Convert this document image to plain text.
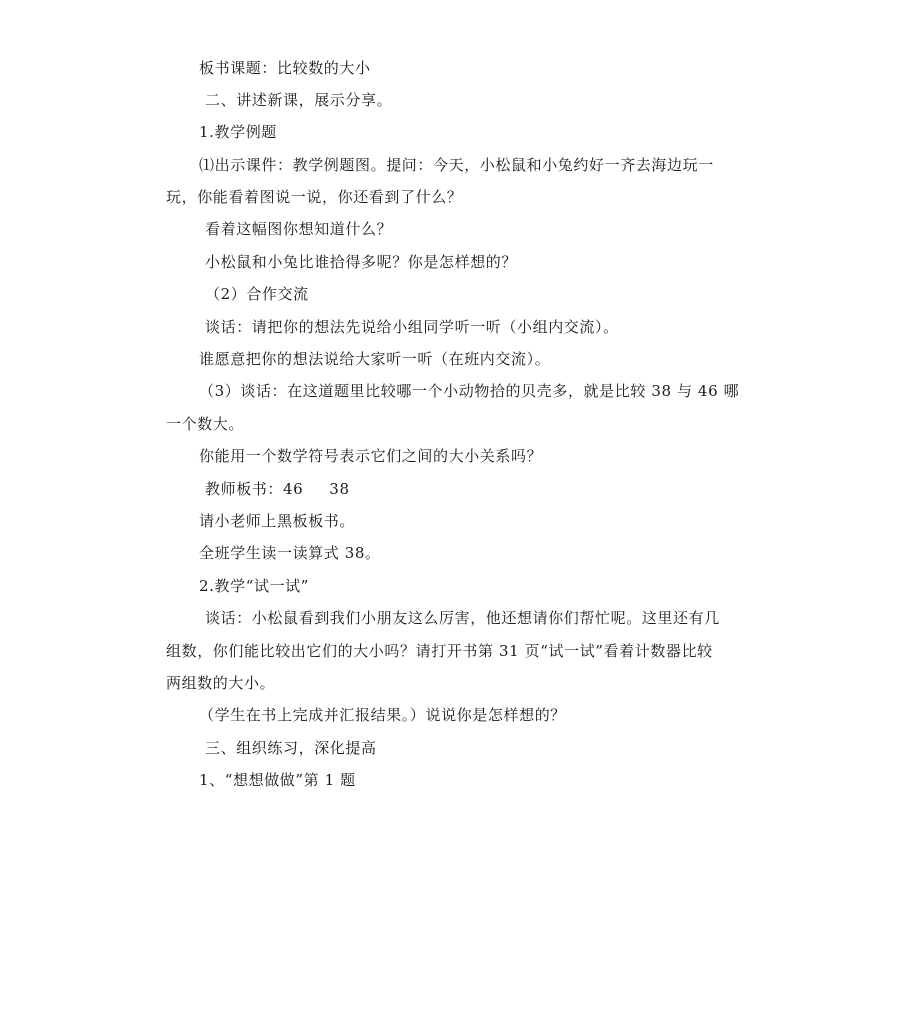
板书课题：比较数的大小
二、讲述新课，展示分享。
1.教学例题
⑴出示课件：教学例题图。提问：今天，小松鼠和小兔约好一齐去海边玩一
玩，你能看着图说一说，你还看到了什么？
看着这幅图你想知道什么？
小松鼠和小兔比谁拾得多呢？你是怎样想的？
（2）合作交流
谈话：请把你的想法先说给小组同学听一听（小组内交流）。
谁愿意把你的想法说给大家听一听（在班内交流）。
（3）谈话：在这道题里比较哪一个小动物拾的贝壳多，就是比较 38 与 46 哪
一个数大。
你能用一个数学符号表示它们之间的大小关系吗？
教师板书：46 38
请小老师上黑板板书。
全班学生读一读算式 38。
2.教学“试一试”
谈话：小松鼠看到我们小朋友这么厉害，他还想请你们帮忙呢。这里还有几
组数，你们能比较出它们的大小吗？请打开书第 31 页“试一试”看着计数器比较
两组数的大小。
（学生在书上完成并汇报结果。）说说你是怎样想的？
三、组织练习，深化提高
1、“想想做做”第 1 题
